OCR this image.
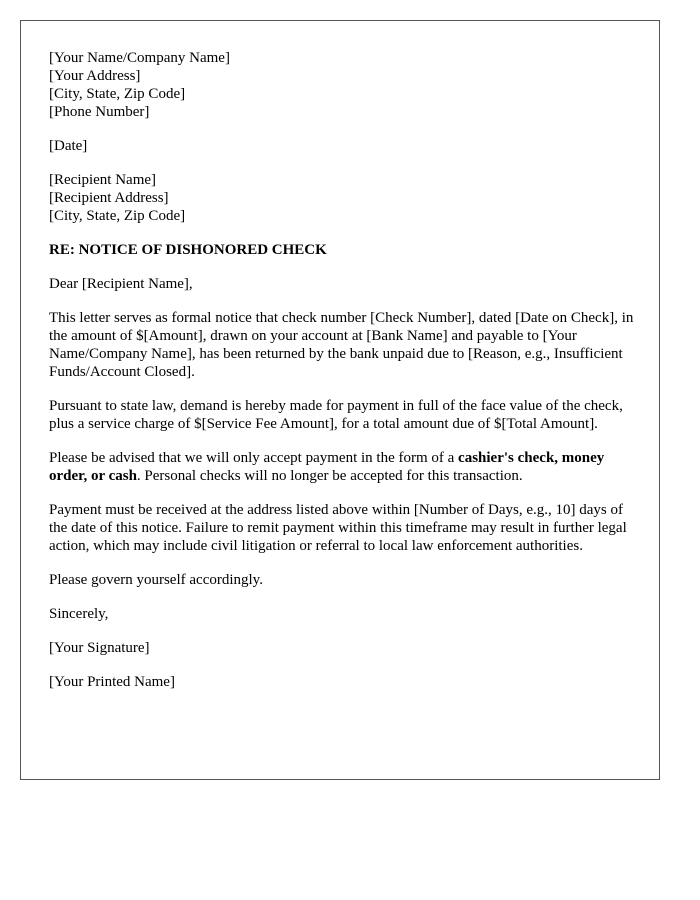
[Your Name/Company Name]
[Your Address]
[City, State, Zip Code]
[Phone Number]
[Date]
[Recipient Name]
[Recipient Address]
[City, State, Zip Code]
RE: NOTICE OF DISHONORED CHECK
Dear [Recipient Name],

This letter serves as formal notice that check number [Check Number], dated [Date on Check], in the amount of $[Amount], drawn on your account at [Bank Name] and payable to [Your Name/Company Name], has been returned by the bank unpaid due to [Reason, e.g., Insufficient Funds/Account Closed].

Pursuant to state law, demand is hereby made for payment in full of the face value of the check, plus a service charge of $[Service Fee Amount], for a total amount due of $[Total Amount].

Please be advised that we will only accept payment in the form of a cashier's check, money order, or cash. Personal checks will no longer be accepted for this transaction.

Payment must be received at the address listed above within [Number of Days, e.g., 10] days of the date of this notice. Failure to remit payment within this timeframe may result in further legal action, which may include civil litigation or referral to local law enforcement authorities.

Please govern yourself accordingly.

Sincerely,
[Your Signature]
[Your Printed Name]
